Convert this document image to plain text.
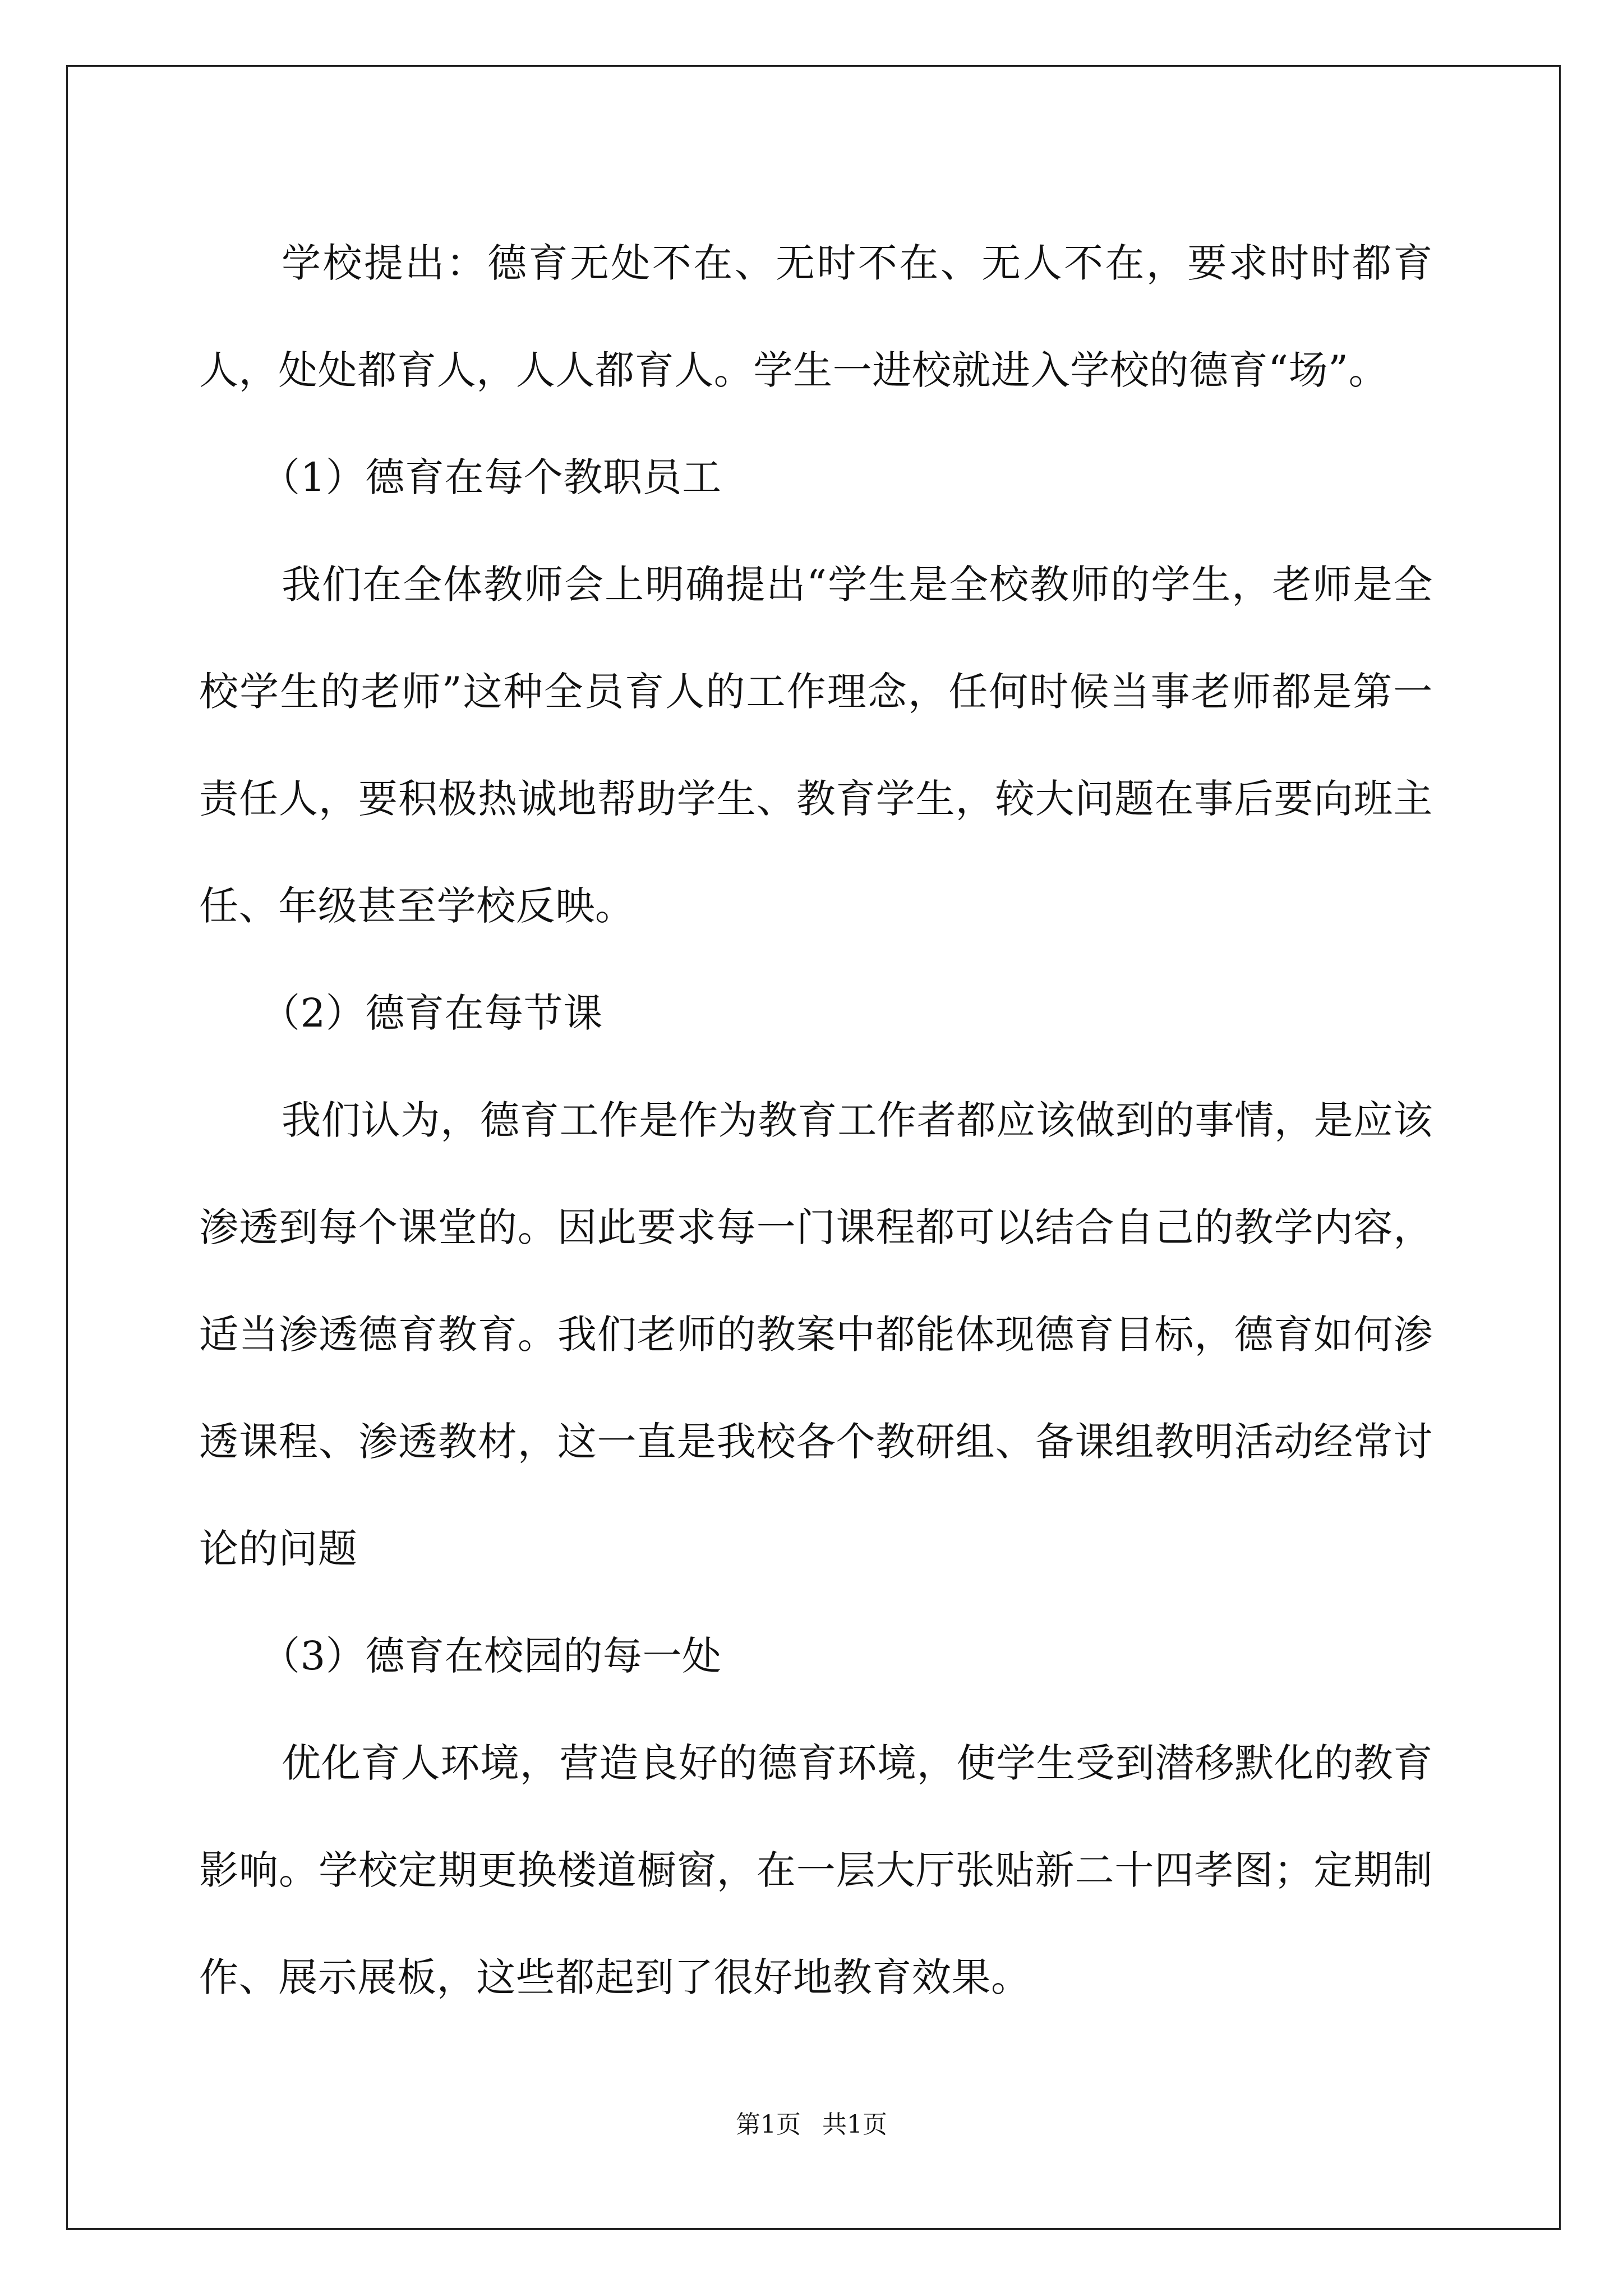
学校提出：德育无处不在、无时不在、无人不在，要求时时都育人，处处都育人，人人都育人。学生一进校就进入学校的德育“场”。

（1）德育在每个教职员工

我们在全体教师会上明确提出“学生是全校教师的学生，老师是全校学生的老师”这种全员育人的工作理念，任何时候当事老师都是第一责任人，要积极热诚地帮助学生、教育学生，较大问题在事后要向班主任、年级甚至学校反映。

（2）德育在每节课

我们认为，德育工作是作为教育工作者都应该做到的事情，是应该渗透到每个课堂的。因此要求每一门课程都可以结合自己的教学内容，适当渗透德育教育。我们老师的教案中都能体现德育目标，德育如何渗透课程、渗透教材，这一直是我校各个教研组、备课组教明活动经常讨论的问题

（3）德育在校园的每一处

优化育人环境，营造良好的德育环境，使学生受到潜移默化的教育影响。学校定期更换楼道橱窗，在一层大厅张贴新二十四孝图；定期制作、展示展板，这些都起到了很好地教育效果。

第1页 共1页
